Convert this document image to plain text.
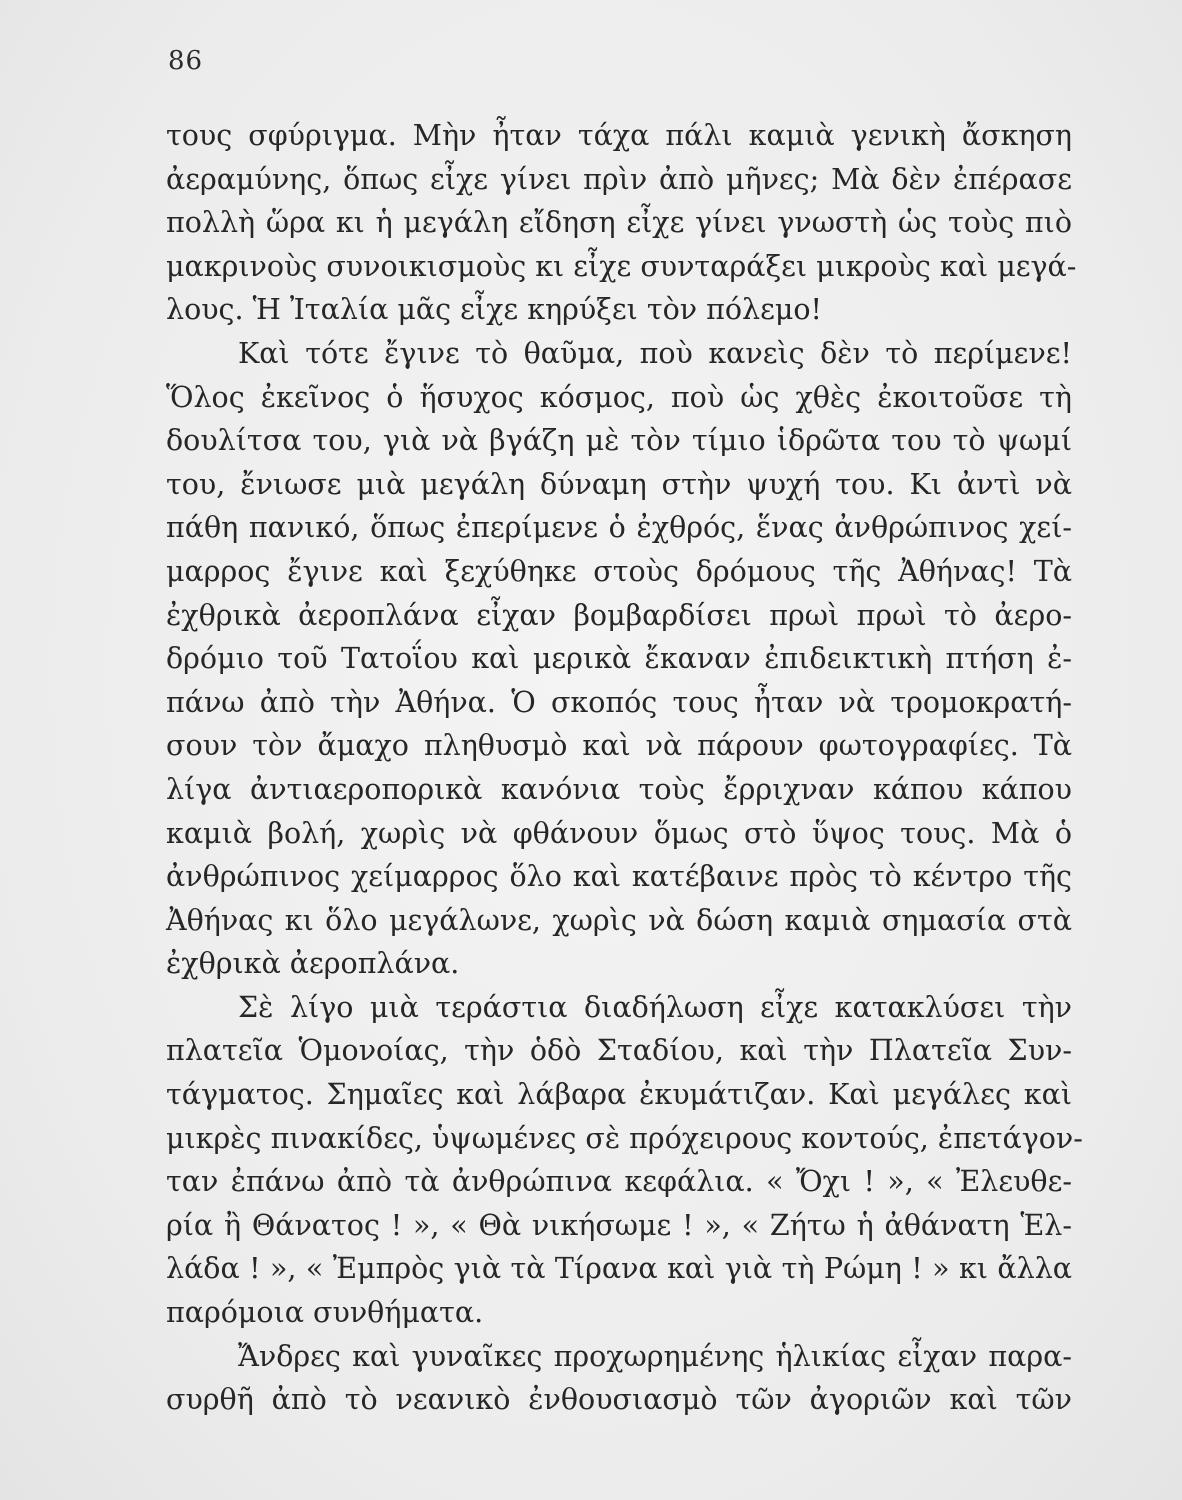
86
τους σφύριγμα. Μὴν ἦταν τάχα πάλι καμιὰ γενικὴ ἄσκηση
ἀεραμύνης, ὅπως εἶχε γίνει πρὶν ἀπὸ μῆνες; Μὰ δὲν ἐπέρασε
πολλὴ ὥρα κι ἡ μεγάλη εἴδηση εἶχε γίνει γνωστὴ ὡς τοὺς πιὸ
μακρινοὺς συνοικισμοὺς κι εἶχε συνταράξει μικροὺς καὶ μεγά-
λους. Ἡ Ἰταλία μᾶς εἶχε κηρύξει τὸν πόλεμο!
Καὶ τότε ἔγινε τὸ θαῦμα, ποὺ κανεὶς δὲν τὸ περίμενε!
Ὅλος ἐκεῖνος ὁ ἥσυχος κόσμος, ποὺ ὡς χθὲς ἐκοιτοῦσε τὴ
δουλίτσα του, γιὰ νὰ βγάζη μὲ τὸν τίμιο ἱδρῶτα του τὸ ψωμί
του, ἔνιωσε μιὰ μεγάλη δύναμη στὴν ψυχή του. Κι ἀντὶ νὰ
πάθη πανικό, ὅπως ἐπερίμενε ὁ ἐχθρός, ἕνας ἀνθρώπινος χεί-
μαρρος ἔγινε καὶ ξεχύθηκε στοὺς δρόμους τῆς Ἀθήνας! Τὰ
ἐχθρικὰ ἀεροπλάνα εἶχαν βομβαρδίσει πρωὶ πρωὶ τὸ ἀερο-
δρόμιο τοῦ Τατοΐου καὶ μερικὰ ἔκαναν ἐπιδεικτικὴ πτήση ἐ-
πάνω ἀπὸ τὴν Ἀθήνα. Ὁ σκοπός τους ἦταν νὰ τρομοκρατή-
σουν τὸν ἄμαχο πληθυσμὸ καὶ νὰ πάρουν φωτογραφίες. Τὰ
λίγα ἀντιαεροπορικὰ κανόνια τοὺς ἔρριχναν κάπου κάπου
καμιὰ βολή, χωρὶς νὰ φθάνουν ὅμως στὸ ὕψος τους. Μὰ ὁ
ἀνθρώπινος χείμαρρος ὅλο καὶ κατέβαινε πρὸς τὸ κέντρο τῆς
Ἀθήνας κι ὅλο μεγάλωνε, χωρὶς νὰ δώση καμιὰ σημασία στὰ
ἐχθρικὰ ἀεροπλάνα.
Σὲ λίγο μιὰ τεράστια διαδήλωση εἶχε κατακλύσει τὴν
πλατεῖα Ὁμονοίας, τὴν ὁδὸ Σταδίου, καὶ τὴν Πλατεῖα Συν-
τάγματος. Σημαῖες καὶ λάβαρα ἐκυμάτιζαν. Καὶ μεγάλες καὶ
μικρὲς πινακίδες, ὑψωμένες σὲ πρόχειρους κοντούς, ἐπετάγον-
ταν ἐπάνω ἀπὸ τὰ ἀνθρώπινα κεφάλια. « Ὄχι ! », « Ἐλευθε-
ρία ἢ Θάνατος ! », « Θὰ νικήσωμε ! », « Ζήτω ἡ ἀθάνατη Ἑλ-
λάδα ! », « Ἐμπρὸς γιὰ τὰ Τίρανα καὶ γιὰ τὴ Ρώμη ! » κι ἄλλα
παρόμοια συνθήματα.
Ἄνδρες καὶ γυναῖκες προχωρημένης ἡλικίας εἶχαν παρα-
συρθῆ ἀπὸ τὸ νεανικὸ ἐνθουσιασμὸ τῶν ἀγοριῶν καὶ τῶν
